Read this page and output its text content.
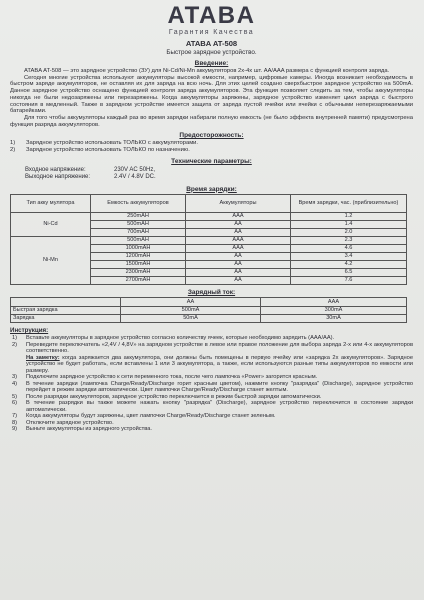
ATABA
Гарантия Качества
ATABA AT-508
Быстрое зарядное устройство.
Введение:
ATABA AT-508 — это зарядное устройство (ЗУ) для Ni-Cd/Ni-Mn аккумуляторов 2х-4х шт. AA/AAA размера с функцией контроля заряда.
Сегодня многие устройства используют аккумуляторы высокой емкости, например, цифровые камеры. Иногда возникает необходимость в быстром заряде аккумуляторов, не оставляя их для заряда на всю ночь. Для этих целей создано сверхбыстрое зарядное устройство на 500mA. Данное зарядное устройство оснащено функцией контроля заряда аккумуляторов. Эта функция позволяет следить за тем, чтобы аккумуляторы никогда не были недозаряжены или перезаряжены. Когда аккумуляторы заряжены, зарядное устройство изменяет цикл заряда с быстрого состояния в медленный. Также в зарядном устройстве имеется защита от заряда пустой ячейки или ячейки с обычными неперезаряжаемыми батарейками.
Для того чтобы аккумуляторы каждый раз во время зарядки набирали полную емкость (не было эффекта внутренней памяти) предусмотрена функция разряда аккумуляторов.
Предосторожность:
1)	Зарядное устройство использовать ТОЛЬКО с аккумуляторами.
2)	Зарядное устройство использовать ТОЛЬКО по назначению.
Технические параметры:
Входное напряжение:	230V AC 50Hz,
Выходное напряжение:	2.4V / 4.8V DC.
Время зарядки:
Тип акку мулятора	Емкость аккумуляторов	Аккумуляторы	Время зарядки, час. (приблизительно)
Ni-Cd	250mAH	AAA	1.2
	500mAH	AA	1.4
	700mAH	AA	2.0
Ni-Mn	500mAH	AAA	2.3
	1000mAH	AAA	4.6
	1200mAH	AA	3.4
	1500mAH	AA	4.2
	2300mAH	AA	6.5
	2700mAH	AA	7.6
Зарядный ток:
	AA	AAA
Быстрая зарядка	500mA	300mA
Зарядка	50mA	30mA
Инструкция:
1)	Вставьте аккумуляторы в зарядное устройство согласно количеству ячеек, которые необходимо зарядить (AAA/AA).
2)	Переведите переключатель «2,4V / 4,8V» на зарядном устройстве в левое или правое положение для выбора заряда 2-х или 4-х аккумуляторов соответственно.
На заметку: когда заряжается два аккумулятора, они должны быть помещены в первую ячейку или «зарядка 2х аккумуляторов». Зарядное устройство не будет работать, если вставлены 1 или 3 аккумулятора, а также, если используются разные типы аккумуляторов по емкости или размеру.
3)	Подключите зарядное устройство к сети переменного тока, после чего лампочка «Power» загорится красным.
4)	В течение зарядки (лампочка Charge/Ready/Discharge горит красным цветом), нажмите кнопку "разрядка" (Discharge), зарядное устройство перейдет в режим зарядки автоматически. Цвет лампочки Charge/Ready/Discharge станет желтым.
5)	После разрядки аккумуляторов, зарядное устройство переключается в режим быстрой зарядки автоматически.
6)	В течение разрядки вы также можете нажать кнопку "разрядка" (Discharge), зарядное устройство переключится в состояние зарядки автоматически.
7)	Когда аккумуляторы будут заряжены, цвет лампочки Charge/Ready/Discharge станет зеленым.
8)	Отключите зарядное устройство.
9)	Выньте аккумуляторы из зарядного устройства.
